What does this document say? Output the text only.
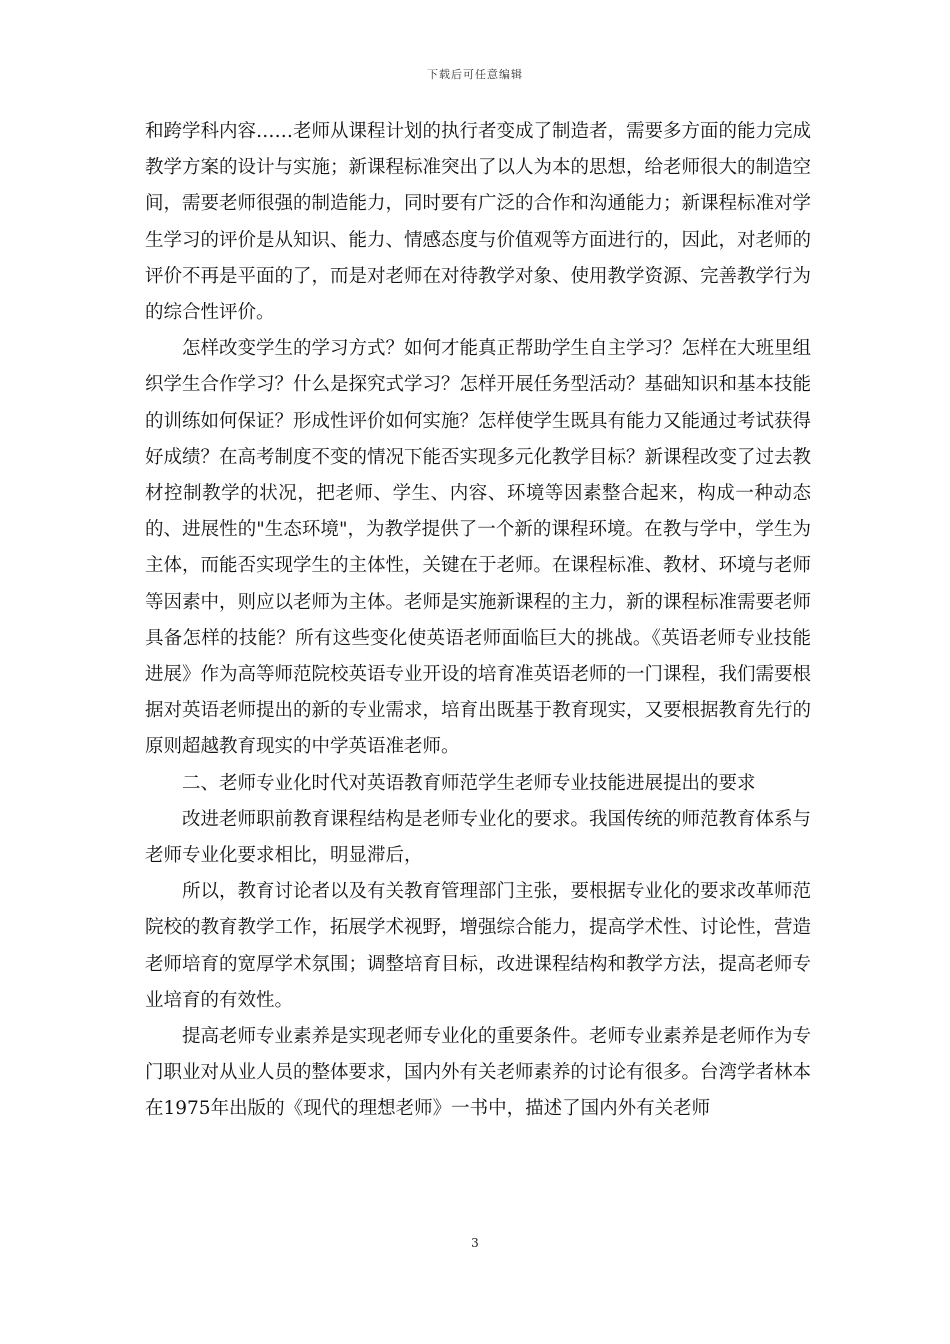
下载后可任意编辑

和跨学科内容……老师从课程计划的执行者变成了制造者，需要多方面的能力完成教学方案的设计与实施；新课程标准突出了以人为本的思想，给老师很大的制造空间，需要老师很强的制造能力，同时要有广泛的合作和沟通能力；新课程标准对学生学习的评价是从知识、能力、情感态度与价值观等方面进行的，因此，对老师的评价不再是平面的了，而是对老师在对待教学对象、使用教学资源、完善教学行为的综合性评价。

怎样改变学生的学习方式？如何才能真正帮助学生自主学习？怎样在大班里组织学生合作学习？什么是探究式学习？怎样开展任务型活动？基础知识和基本技能的训练如何保证？形成性评价如何实施？怎样使学生既具有能力又能通过考试获得好成绩？在高考制度不变的情况下能否实现多元化教学目标？新课程改变了过去教材控制教学的状况，把老师、学生、内容、环境等因素整合起来，构成一种动态的、进展性的"生态环境"，为教学提供了一个新的课程环境。在教与学中，学生为主体，而能否实现学生的主体性，关键在于老师。在课程标准、教材、环境与老师等因素中，则应以老师为主体。老师是实施新课程的主力，新的课程标准需要老师具备怎样的技能？所有这些变化使英语老师面临巨大的挑战。《英语老师专业技能进展》作为高等师范院校英语专业开设的培育准英语老师的一门课程，我们需要根据对英语老师提出的新的专业需求，培育出既基于教育现实，又要根据教育先行的原则超越教育现实的中学英语准老师。

二、老师专业化时代对英语教育师范学生老师专业技能进展提出的要求

改进老师职前教育课程结构是老师专业化的要求。我国传统的师范教育体系与老师专业化要求相比，明显滞后，

所以，教育讨论者以及有关教育管理部门主张，要根据专业化的要求改革师范院校的教育教学工作，拓展学术视野，增强综合能力，提高学术性、讨论性，营造老师培育的宽厚学术氛围；调整培育目标，改进课程结构和教学方法，提高老师专业培育的有效性。

提高老师专业素养是实现老师专业化的重要条件。老师专业素养是老师作为专门职业对从业人员的整体要求，国内外有关老师素养的讨论有很多。台湾学者林本在1975年出版的《现代的理想老师》一书中，描述了国内外有关老师

3
